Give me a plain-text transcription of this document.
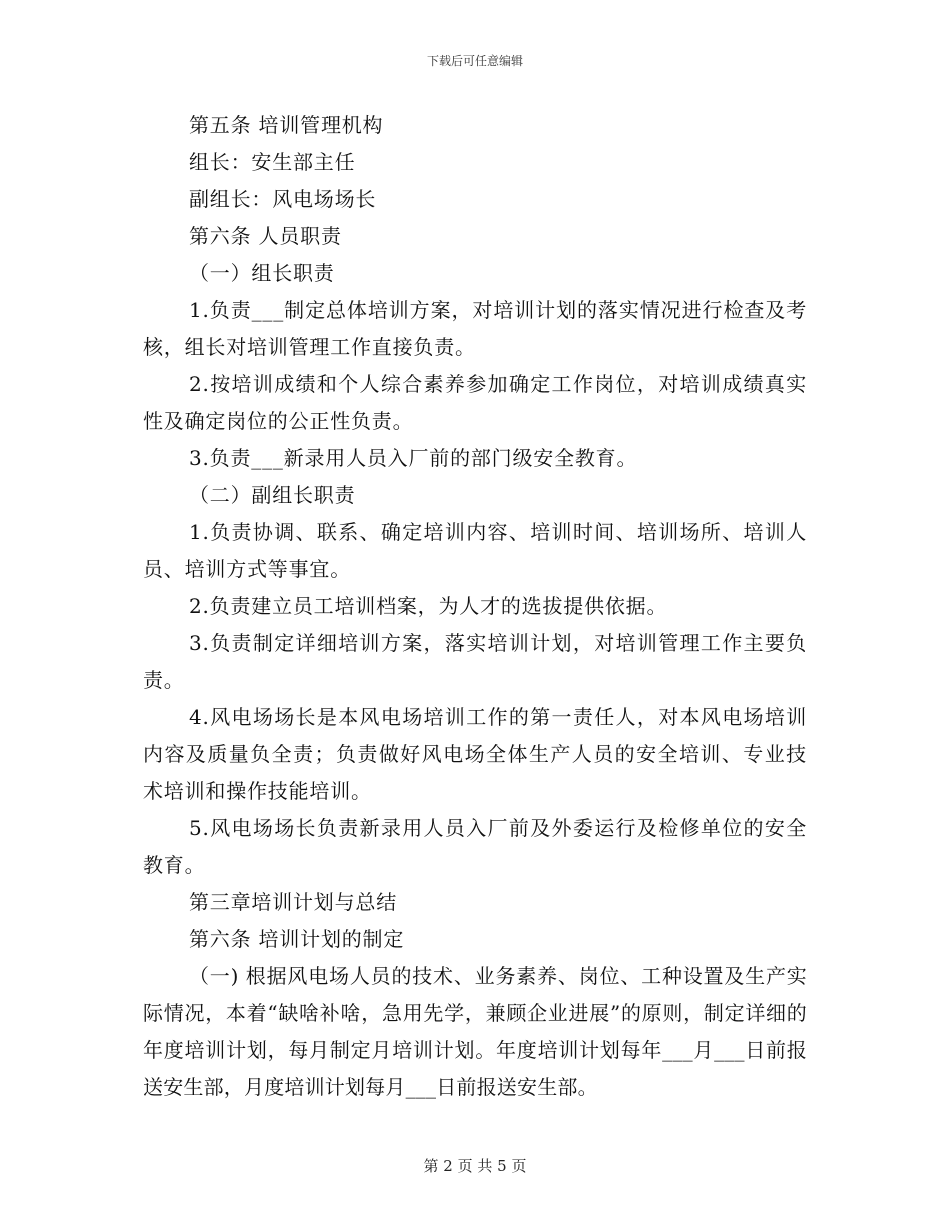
下载后可任意编辑

第五条 培训管理机构

组长：安生部主任

副组长：风电场场长

第六条 人员职责

（一）组长职责

1.负责___制定总体培训方案，对培训计划的落实情况进行检查及考核，组长对培训管理工作直接负责。

2.按培训成绩和个人综合素养参加确定工作岗位，对培训成绩真实性及确定岗位的公正性负责。

3.负责___新录用人员入厂前的部门级安全教育。

（二）副组长职责

1.负责协调、联系、确定培训内容、培训时间、培训场所、培训人员、培训方式等事宜。

2.负责建立员工培训档案，为人才的选拔提供依据。

3.负责制定详细培训方案，落实培训计划，对培训管理工作主要负责。

4.风电场场长是本风电场培训工作的第一责任人，对本风电场培训内容及质量负全责；负责做好风电场全体生产人员的安全培训、专业技术培训和操作技能培训。

5.风电场场长负责新录用人员入厂前及外委运行及检修单位的安全教育。

第三章培训计划与总结

第六条 培训计划的制定

（一) 根据风电场人员的技术、业务素养、岗位、工种设置及生产实际情况，本着“缺啥补啥，急用先学，兼顾企业进展”的原则，制定详细的年度培训计划，每月制定月培训计划。年度培训计划每年___月___日前报送安生部，月度培训计划每月___日前报送安生部。

第 2 页 共 5 页
